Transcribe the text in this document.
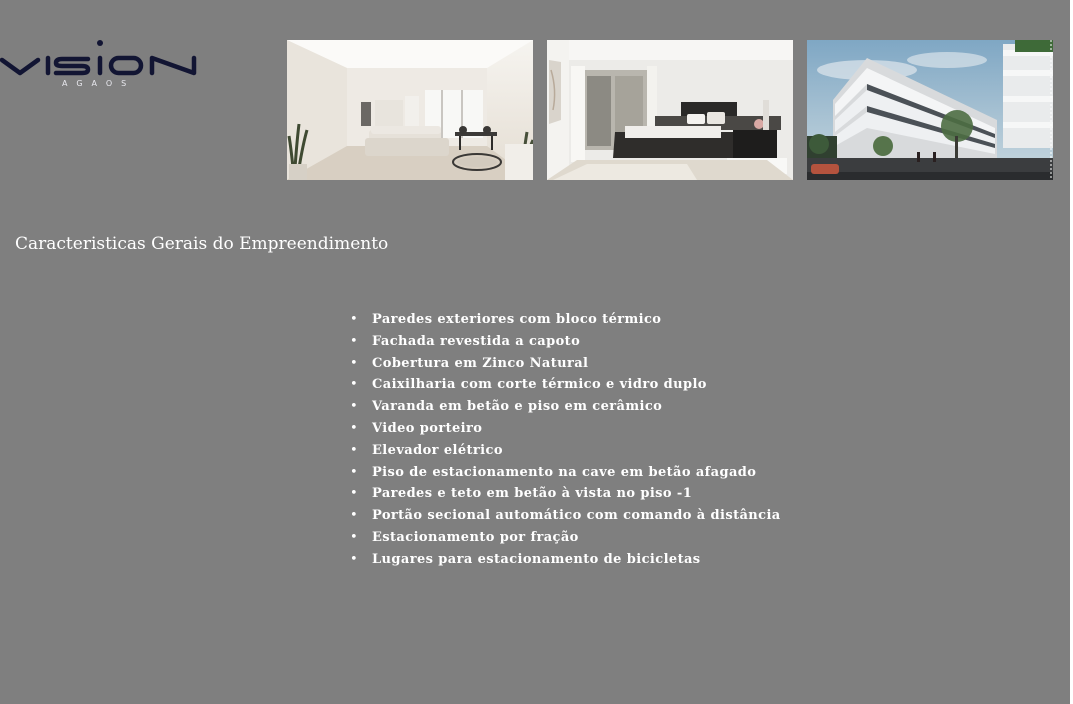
AGAOS
Caracteristicas Gerais do Empreendimento
• Paredes exteriores com bloco térmico
• Fachada revestida a capoto
• Cobertura em Zinco Natural
• Caixilharia com corte térmico e vidro duplo
• Varanda em betão e piso em cerâmico
• Video porteiro
• Elevador elétrico
• Piso de estacionamento na cave em betão afagado
• Paredes e teto em betão à vista no piso -1
• Portão secional automático com comando à distância
• Estacionamento por fração
• Lugares para estacionamento de bicicletas
